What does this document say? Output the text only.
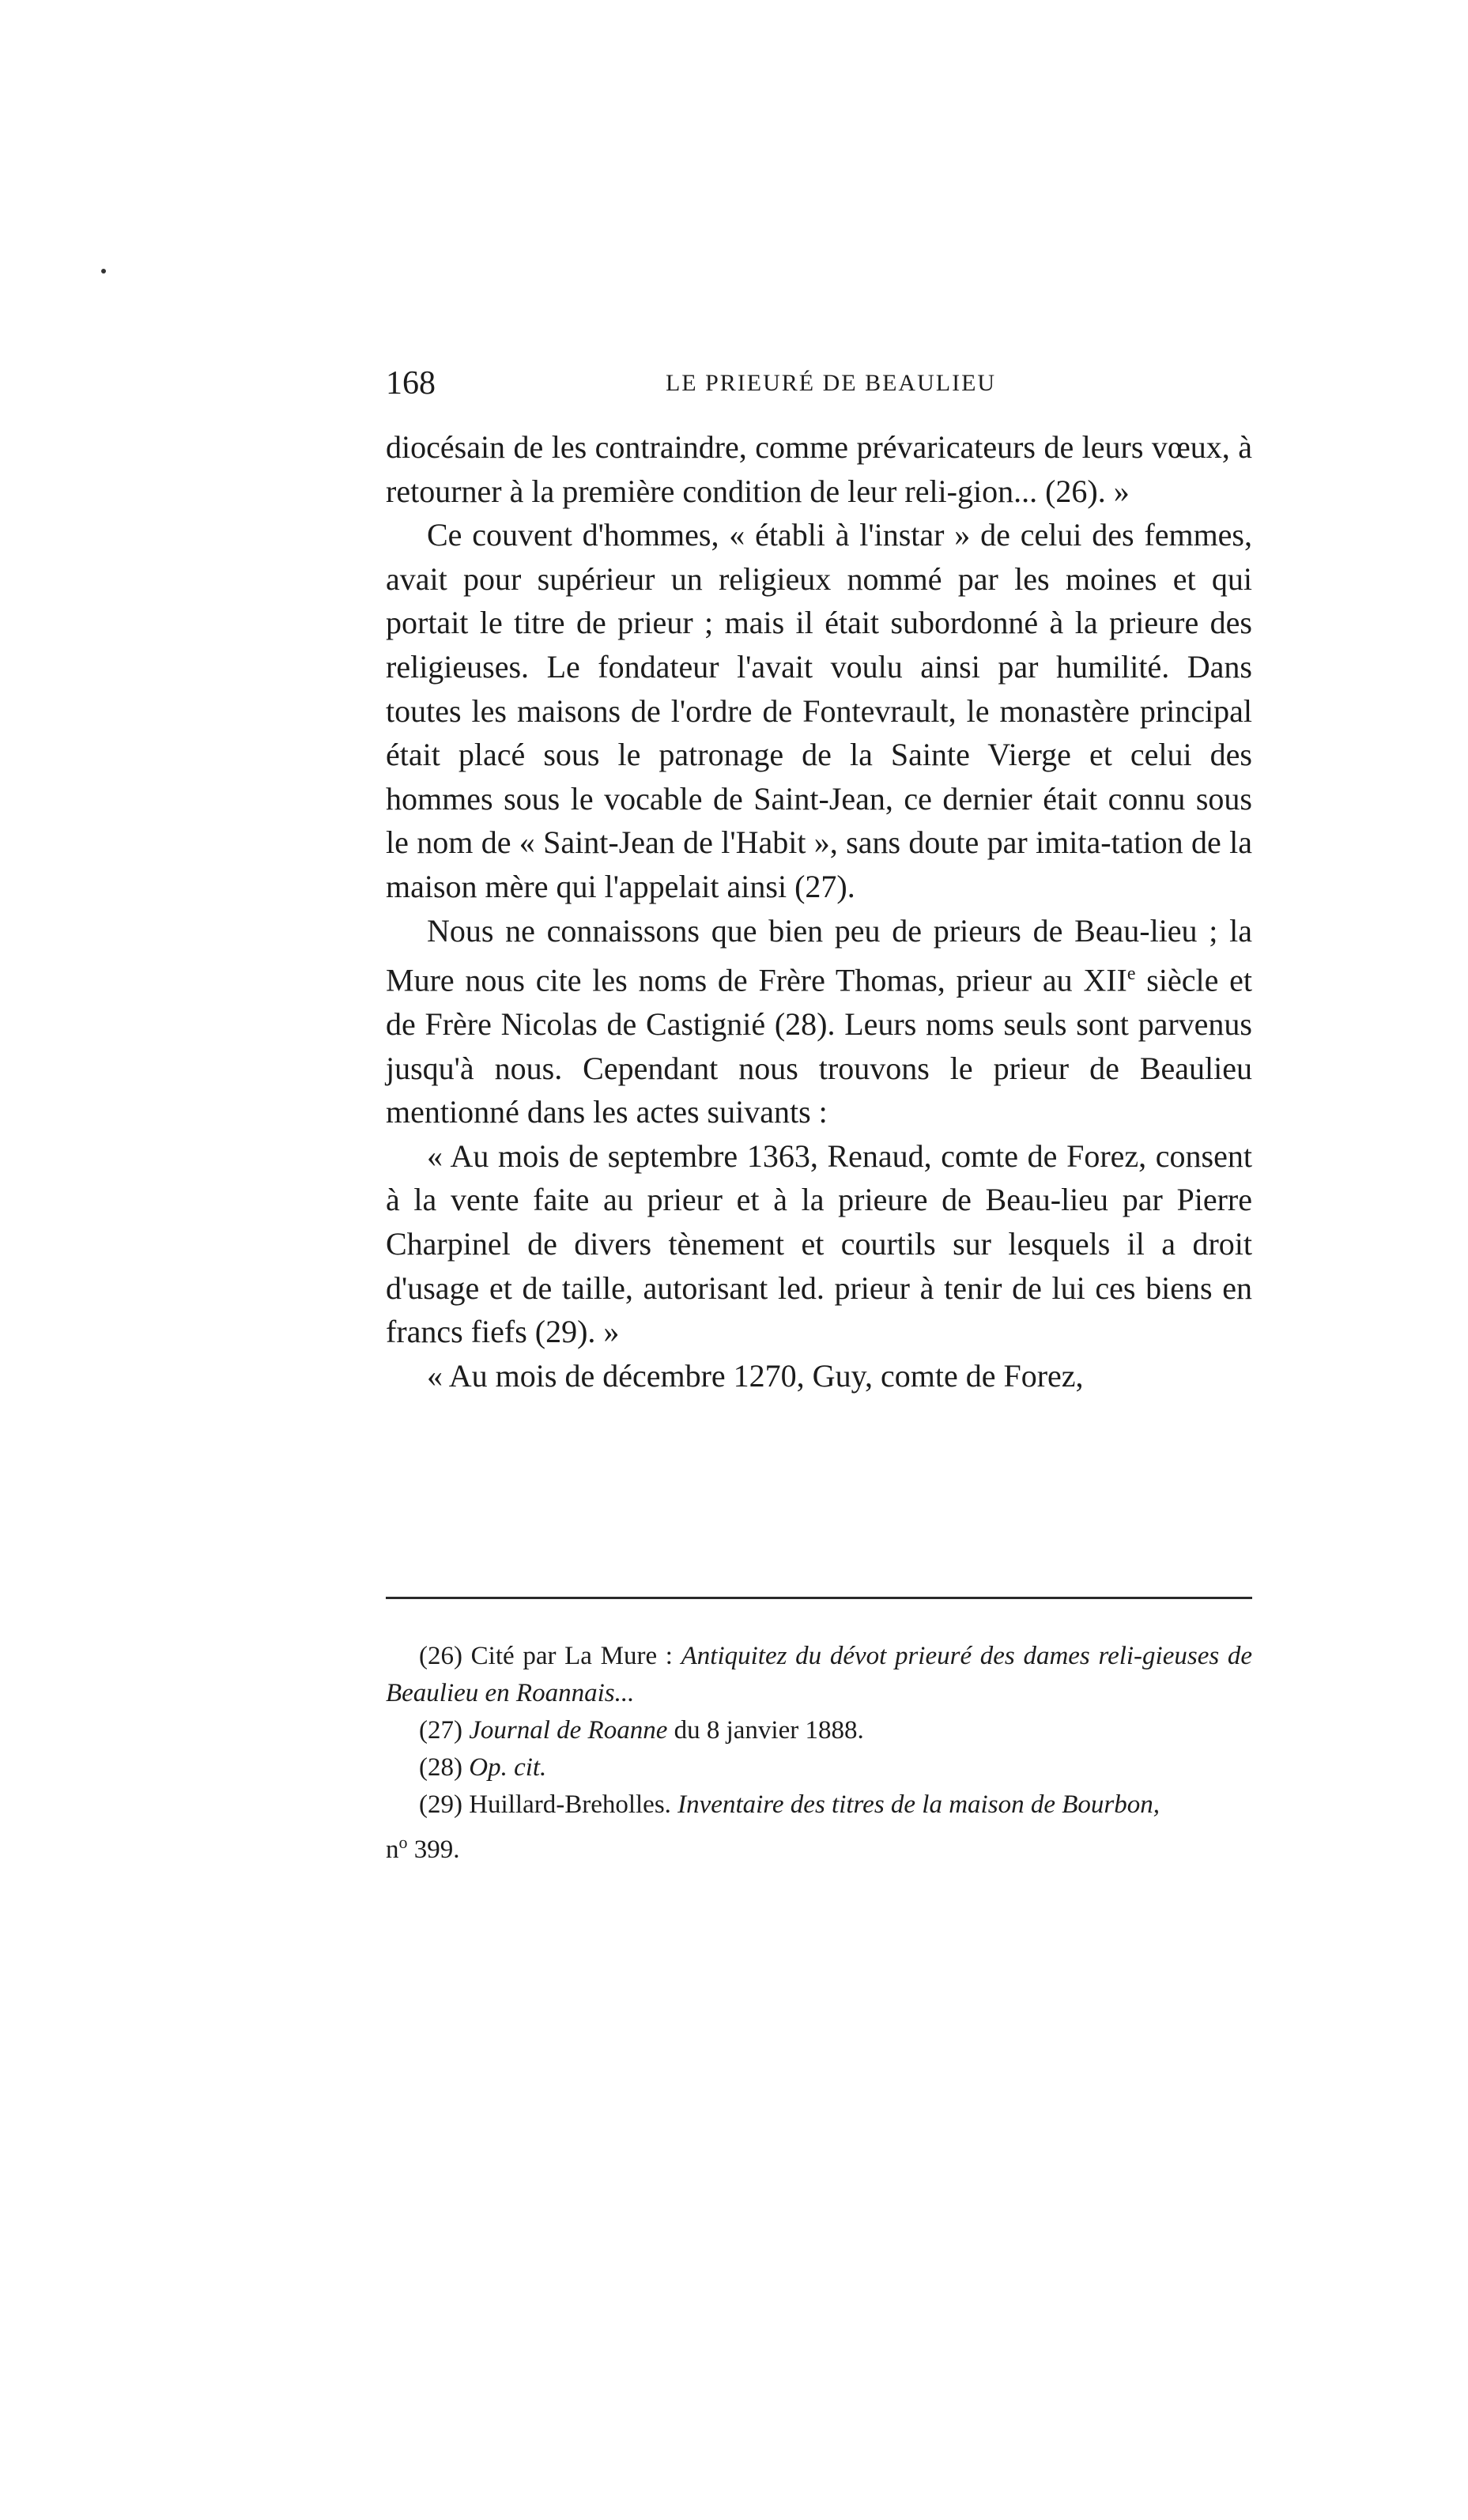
168	LE PRIEURÉ DE BEAULIEU

diocésain de les contraindre, comme prévaricateurs de leurs vœux, à retourner à la première condition de leur reli-gion... (26). »

Ce couvent d'hommes, « établi à l'instar » de celui des femmes, avait pour supérieur un religieux nommé par les moines et qui portait le titre de prieur ; mais il était subordonné à la prieure des religieuses. Le fondateur l'avait voulu ainsi par humilité. Dans toutes les maisons de l'ordre de Fontevrault, le monastère principal était placé sous le patronage de la Sainte Vierge et celui des hommes sous le vocable de Saint-Jean, ce dernier était connu sous le nom de « Saint-Jean de l'Habit », sans doute par imita-tation de la maison mère qui l'appelait ainsi (27).

Nous ne connaissons que bien peu de prieurs de Beau-lieu ; la Mure nous cite les noms de Frère Thomas, prieur au XIIe siècle et de Frère Nicolas de Castignié (28). Leurs noms seuls sont parvenus jusqu'à nous. Cependant nous trouvons le prieur de Beaulieu mentionné dans les actes suivants :

« Au mois de septembre 1363, Renaud, comte de Forez, consent à la vente faite au prieur et à la prieure de Beau-lieu par Pierre Charpinel de divers tènement et courtils sur lesquels il a droit d'usage et de taille, autorisant led. prieur à tenir de lui ces biens en francs fiefs (29). »

« Au mois de décembre 1270, Guy, comte de Forez,

(26) Cité par La Mure : Antiquitez du dévot prieuré des dames reli-gieuses de Beaulieu en Roannais...

(27) Journal de Roanne du 8 janvier 1888.

(28) Op. cit.

(29) Huillard-Breholles. Inventaire des titres de la maison de Bourbon,
$n^o$ 399.
